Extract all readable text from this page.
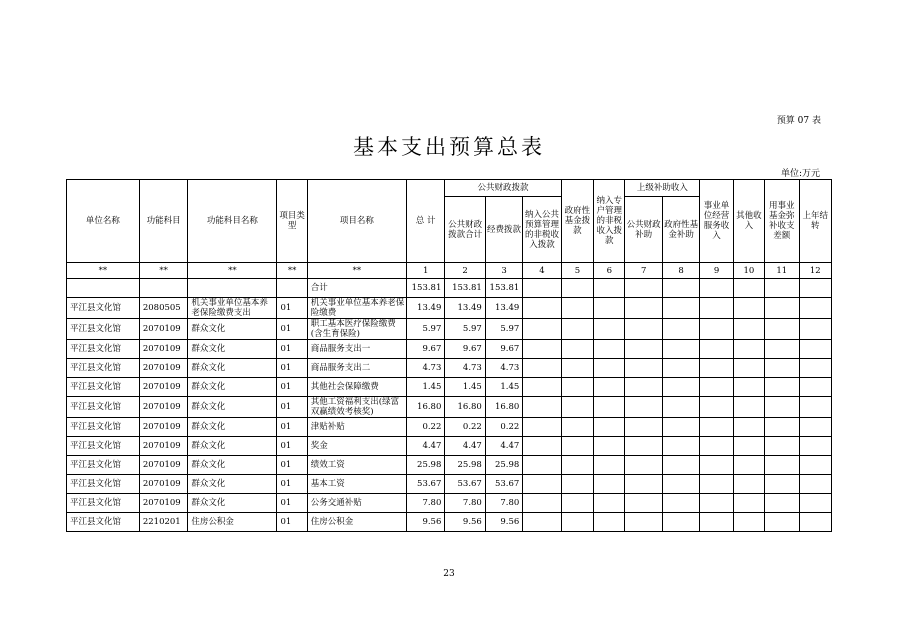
预算 07 表
基本支出预算总表
单位:万元
单位名称	功能科目	功能科目名称	项目类型	项目名称	总 计	公共财政拨款			政府性基金拨款	纳入专户管理的非税收入拨款	上级补助收入		事业单位经营服务收入	其他收入	用事业基金弥补收支差额	上年结转
						公共财政拨款合计	经费拨款	纳入公共预算管理的非税收入拨款			公共财政补助	政府性基金补助				
**	**	**	**	**	1	2	3	4	5	6	7	8	9	10	11	12
				合计	153.81	153.81	153.81									
平江县文化馆	2080505	机关事业单位基本养老保险缴费支出	01	机关事业单位基本养老保险缴费	13.49	13.49	13.49									
平江县文化馆	2070109	群众文化	01	职工基本医疗保险缴费(含生育保险)	5.97	5.97	5.97									
平江县文化馆	2070109	群众文化	01	商品服务支出一	9.67	9.67	9.67									
平江县文化馆	2070109	群众文化	01	商品服务支出二	4.73	4.73	4.73									
平江县文化馆	2070109	群众文化	01	其他社会保障缴费	1.45	1.45	1.45									
平江县文化馆	2070109	群众文化	01	其他工资福利支出(绿富双赢绩效考核奖)	16.80	16.80	16.80									
平江县文化馆	2070109	群众文化	01	津贴补贴	0.22	0.22	0.22									
平江县文化馆	2070109	群众文化	01	奖金	4.47	4.47	4.47									
平江县文化馆	2070109	群众文化	01	绩效工资	25.98	25.98	25.98									
平江县文化馆	2070109	群众文化	01	基本工资	53.67	53.67	53.67									
平江县文化馆	2070109	群众文化	01	公务交通补贴	7.80	7.80	7.80									
平江县文化馆	2210201	住房公积金	01	住房公积金	9.56	9.56	9.56									
23
